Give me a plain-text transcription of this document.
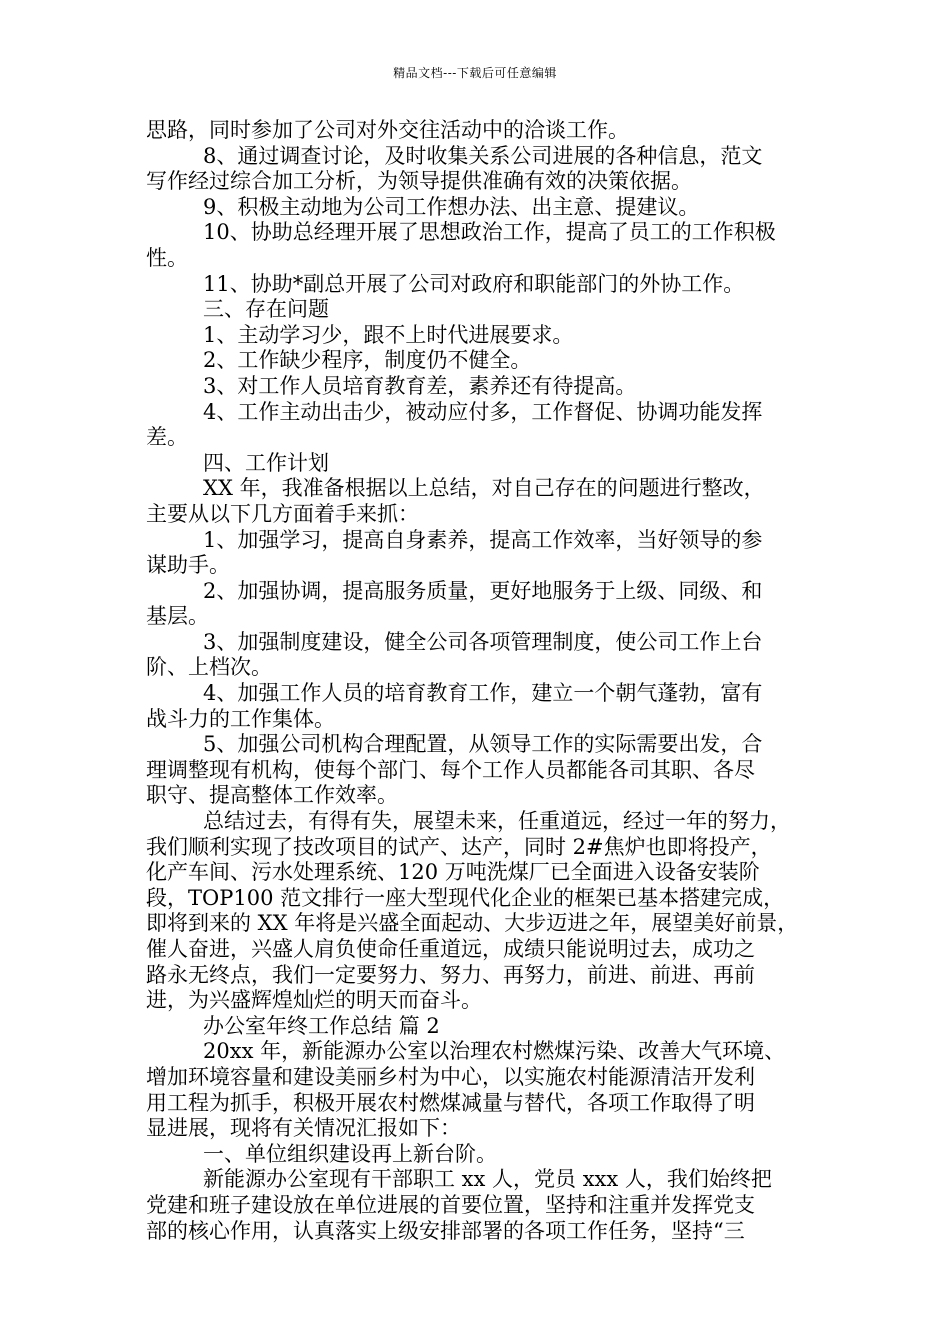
精品文档---下载后可任意编辑
思路，同时参加了公司对外交往活动中的洽谈工作。
8、通过调查讨论，及时收集关系公司进展的各种信息，范文
写作经过综合加工分析，为领导提供准确有效的决策依据。
9、积极主动地为公司工作想办法、出主意、提建议。
10、协助总经理开展了思想政治工作，提高了员工的工作积极
性。
11、协助*副总开展了公司对政府和职能部门的外协工作。
三、存在问题
1、主动学习少，跟不上时代进展要求。
2、工作缺少程序，制度仍不健全。
3、对工作人员培育教育差，素养还有待提高。
4、工作主动出击少，被动应付多，工作督促、协调功能发挥
差。
四、工作计划
XX 年，我准备根据以上总结，对自己存在的问题进行整改，
主要从以下几方面着手来抓：
1、加强学习，提高自身素养，提高工作效率，当好领导的参
谋助手。
2、加强协调，提高服务质量，更好地服务于上级、同级、和
基层。
3、加强制度建设，健全公司各项管理制度，使公司工作上台
阶、上档次。
4、加强工作人员的培育教育工作，建立一个朝气蓬勃，富有
战斗力的工作集体。
5、加强公司机构合理配置，从领导工作的实际需要出发，合
理调整现有机构，使每个部门、每个工作人员都能各司其职、各尽
职守、提高整体工作效率。
总结过去，有得有失，展望未来，任重道远，经过一年的努力，
我们顺利实现了技改项目的试产、达产，同时 2#焦炉也即将投产，
化产车间、污水处理系统、120 万吨洗煤厂已全面进入设备安装阶
段，TOP100 范文排行一座大型现代化企业的框架已基本搭建完成，
即将到来的 XX 年将是兴盛全面起动、大步迈进之年，展望美好前景，
催人奋进，兴盛人肩负使命任重道远，成绩只能说明过去，成功之
路永无终点，我们一定要努力、努力、再努力，前进、前进、再前
进，为兴盛辉煌灿烂的明天而奋斗。
办公室年终工作总结 篇 2
20xx 年，新能源办公室以治理农村燃煤污染、改善大气环境、
增加环境容量和建设美丽乡村为中心，以实施农村能源清洁开发利
用工程为抓手，积极开展农村燃煤减量与替代，各项工作取得了明
显进展，现将有关情况汇报如下：
一、单位组织建设再上新台阶。
新能源办公室现有干部职工 xx 人，党员 xxx 人，我们始终把
党建和班子建设放在单位进展的首要位置，坚持和注重并发挥党支
部的核心作用，认真落实上级安排部署的各项工作任务，坚持“三
